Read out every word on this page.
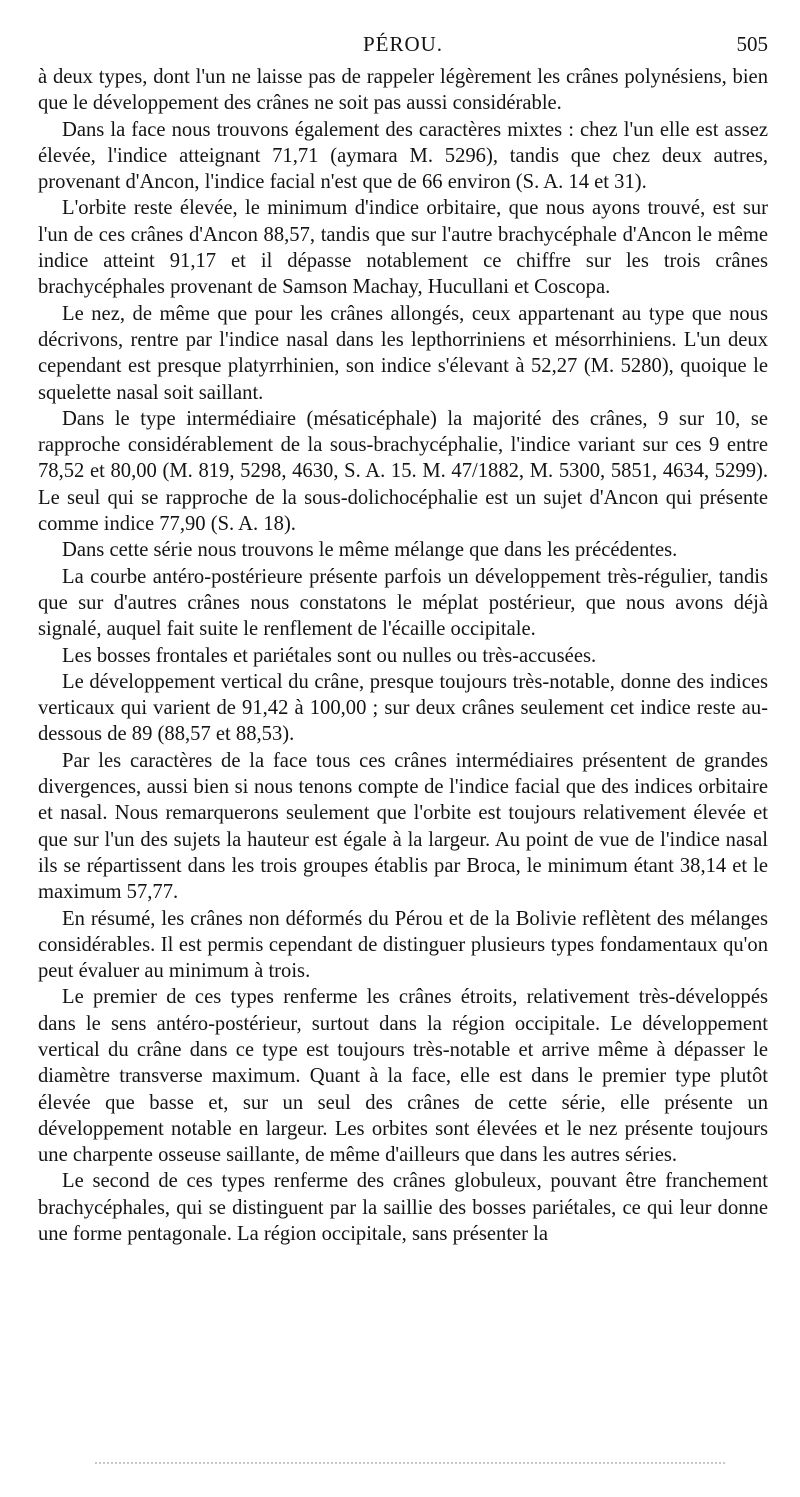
PÉROU.	505

à deux types, dont l'un ne laisse pas de rappeler légèrement les crânes polynésiens, bien que le développement des crânes ne soit pas aussi considérable.

Dans la face nous trouvons également des caractères mixtes : chez l'un elle est assez élevée, l'indice atteignant 71,71 (aymara M. 5296), tandis que chez deux autres, provenant d'Ancon, l'indice facial n'est que de 66 environ (S. A. 14 et 31).

L'orbite reste élevée, le minimum d'indice orbitaire, que nous ayons trouvé, est sur l'un de ces crânes d'Ancon 88,57, tandis que sur l'autre brachycéphale d'Ancon le même indice atteint 91,17 et il dépasse notablement ce chiffre sur les trois crânes brachycéphales provenant de Samson Machay, Hucullani et Coscopa.

Le nez, de même que pour les crânes allongés, ceux appartenant au type que nous décrivons, rentre par l'indice nasal dans les lepthorriniens et mésorrhiniens. L'un deux cependant est presque platyrrhinien, son indice s'élevant à 52,27 (M. 5280), quoique le squelette nasal soit saillant.

Dans le type intermédiaire (mésaticéphale) la majorité des crânes, 9 sur 10, se rapproche considérablement de la sous-brachycéphalie, l'indice variant sur ces 9 entre 78,52 et 80,00 (M. 819, 5298, 4630, S. A. 15. M. 47/1882, M. 5300, 5851, 4634, 5299). Le seul qui se rapproche de la sous-dolichocéphalie est un sujet d'Ancon qui présente comme indice 77,90 (S. A. 18).

Dans cette série nous trouvons le même mélange que dans les précédentes.

La courbe antéro-postérieure présente parfois un développement très-régulier, tandis que sur d'autres crânes nous constatons le méplat postérieur, que nous avons déjà signalé, auquel fait suite le renflement de l'écaille occipitale.

Les bosses frontales et pariétales sont ou nulles ou très-accusées.

Le développement vertical du crâne, presque toujours très-notable, donne des indices verticaux qui varient de 91,42 à 100,00 ; sur deux crânes seulement cet indice reste au-dessous de 89 (88,57 et 88,53).

Par les caractères de la face tous ces crânes intermédiaires présentent de grandes divergences, aussi bien si nous tenons compte de l'indice facial que des indices orbitaire et nasal. Nous remarquerons seulement que l'orbite est toujours relativement élevée et que sur l'un des sujets la hauteur est égale à la largeur. Au point de vue de l'indice nasal ils se répartissent dans les trois groupes établis par Broca, le minimum étant 38,14 et le maximum 57,77.

En résumé, les crânes non déformés du Pérou et de la Bolivie reflètent des mélanges considérables. Il est permis cependant de distinguer plusieurs types fondamentaux qu'on peut évaluer au minimum à trois.

Le premier de ces types renferme les crânes étroits, relativement très-développés dans le sens antéro-postérieur, surtout dans la région occipitale. Le développement vertical du crâne dans ce type est toujours très-notable et arrive même à dépasser le diamètre transverse maximum. Quant à la face, elle est dans le premier type plutôt élevée que basse et, sur un seul des crânes de cette série, elle présente un développement notable en largeur. Les orbites sont élevées et le nez présente toujours une charpente osseuse saillante, de même d'ailleurs que dans les autres séries.

Le second de ces types renferme des crânes globuleux, pouvant être franchement brachycéphales, qui se distinguent par la saillie des bosses pariétales, ce qui leur donne une forme pentagonale. La région occipitale, sans présenter la
